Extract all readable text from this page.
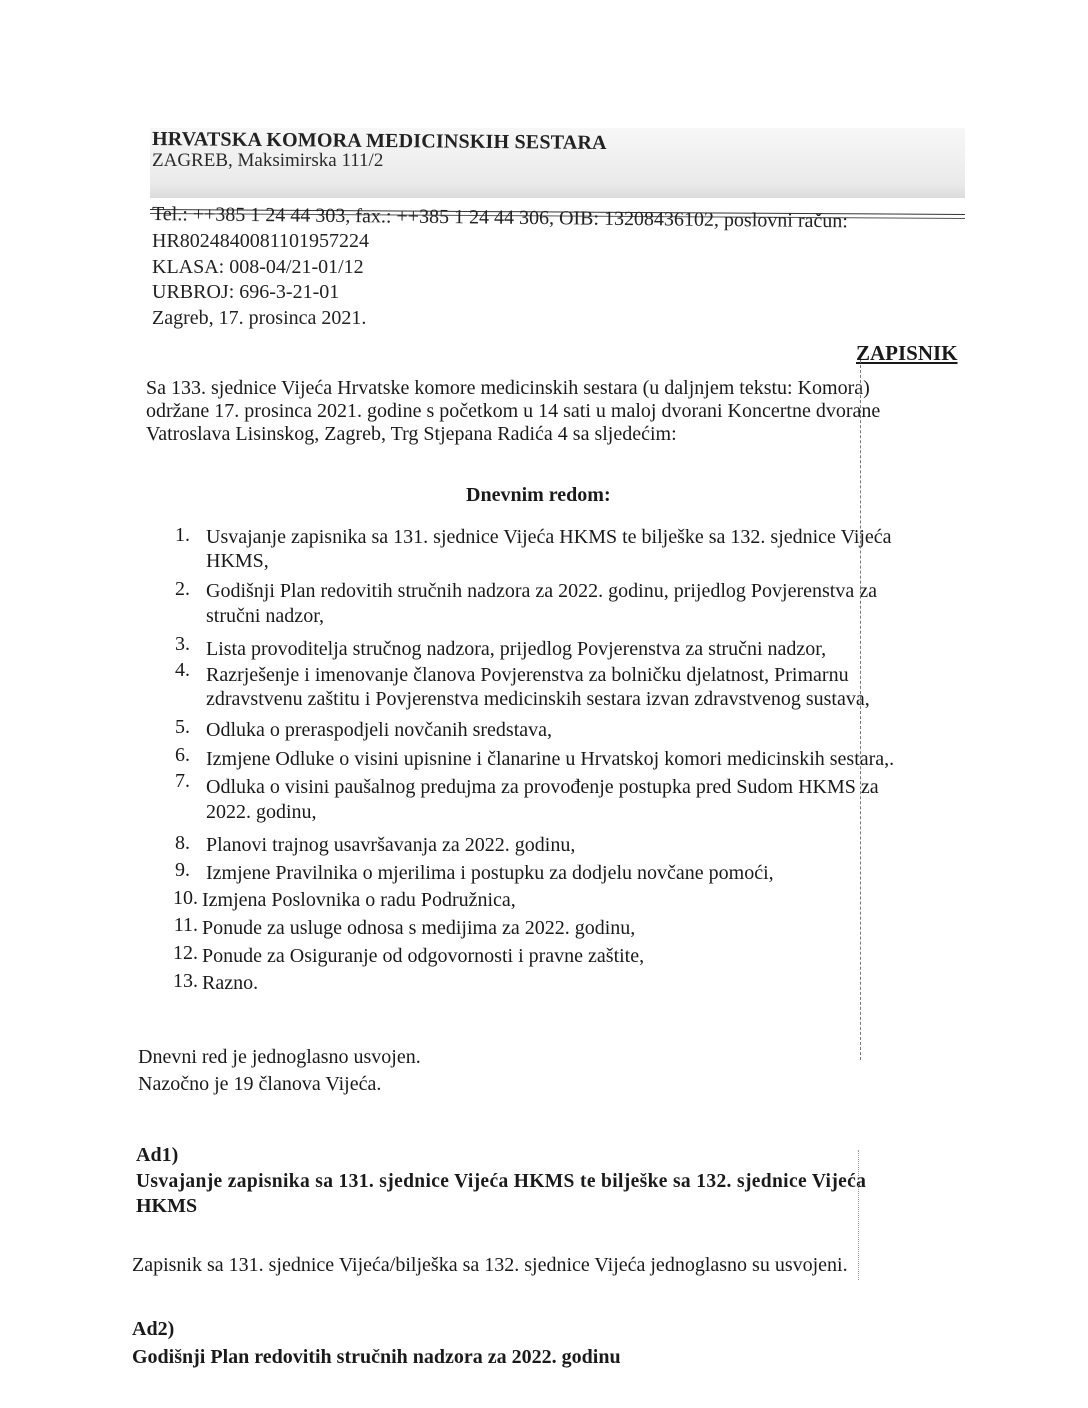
HRVATSKA KOMORA MEDICINSKIH SESTARA
ZAGREB, Maksimirska 111/2
Tel.: ++385 1 24 44 303, fax.: ++385 1 24 44 306, OIB: 13208436102, poslovni račun:
HR8024840081101957224
KLASA: 008-04/21-01/12
URBROJ: 696-3-21-01
Zagreb, 17. prosinca 2021.
ZAPISNIK
Sa 133. sjednice Vijeća Hrvatske komore medicinskih sestara (u daljnjem tekstu: Komora)
održane 17. prosinca 2021. godine s početkom u 14 sati u maloj dvorani Koncertne dvorane
Vatroslava Lisinskog, Zagreb, Trg Stjepana Radića 4 sa sljedećim:
Dnevnim redom:
1. Usvajanje zapisnika sa 131. sjednice Vijeća HKMS te bilješke sa 132. sjednice Vijeća
HKMS,
2. Godišnji Plan redovitih stručnih nadzora za 2022. godinu, prijedlog Povjerenstva za
stručni nadzor,
3. Lista provoditelja stručnog nadzora, prijedlog Povjerenstva za stručni nadzor,
4. Razrješenje i imenovanje članova Povjerenstva za bolničku djelatnost, Primarnu
zdravstvenu zaštitu i Povjerenstva medicinskih sestara izvan zdravstvenog sustava,
5. Odluka o preraspodjeli novčanih sredstava,
6. Izmjene Odluke o visini upisnine i članarine u Hrvatskoj komori medicinskih sestara,.
7. Odluka o visini paušalnog predujma za provođenje postupka pred Sudom HKMS za
2022. godinu,
8. Planovi trajnog usavršavanja za 2022. godinu,
9. Izmjene Pravilnika o mjerilima i postupku za dodjelu novčane pomoći,
10. Izmjena Poslovnika o radu Podružnica,
11. Ponude za usluge odnosa s medijima za 2022. godinu,
12. Ponude za Osiguranje od odgovornosti i pravne zaštite,
13. Razno.
Dnevni red je jednoglasno usvojen.
Nazočno je 19 članova Vijeća.
Ad1)
Usvajanje zapisnika sa 131. sjednice Vijeća HKMS te bilješke sa 132. sjednice Vijeća
HKMS
Zapisnik sa 131. sjednice Vijeća/bilješka sa 132. sjednice Vijeća jednoglasno su usvojeni.
Ad2)
Godišnji Plan redovitih stručnih nadzora za 2022. godinu
